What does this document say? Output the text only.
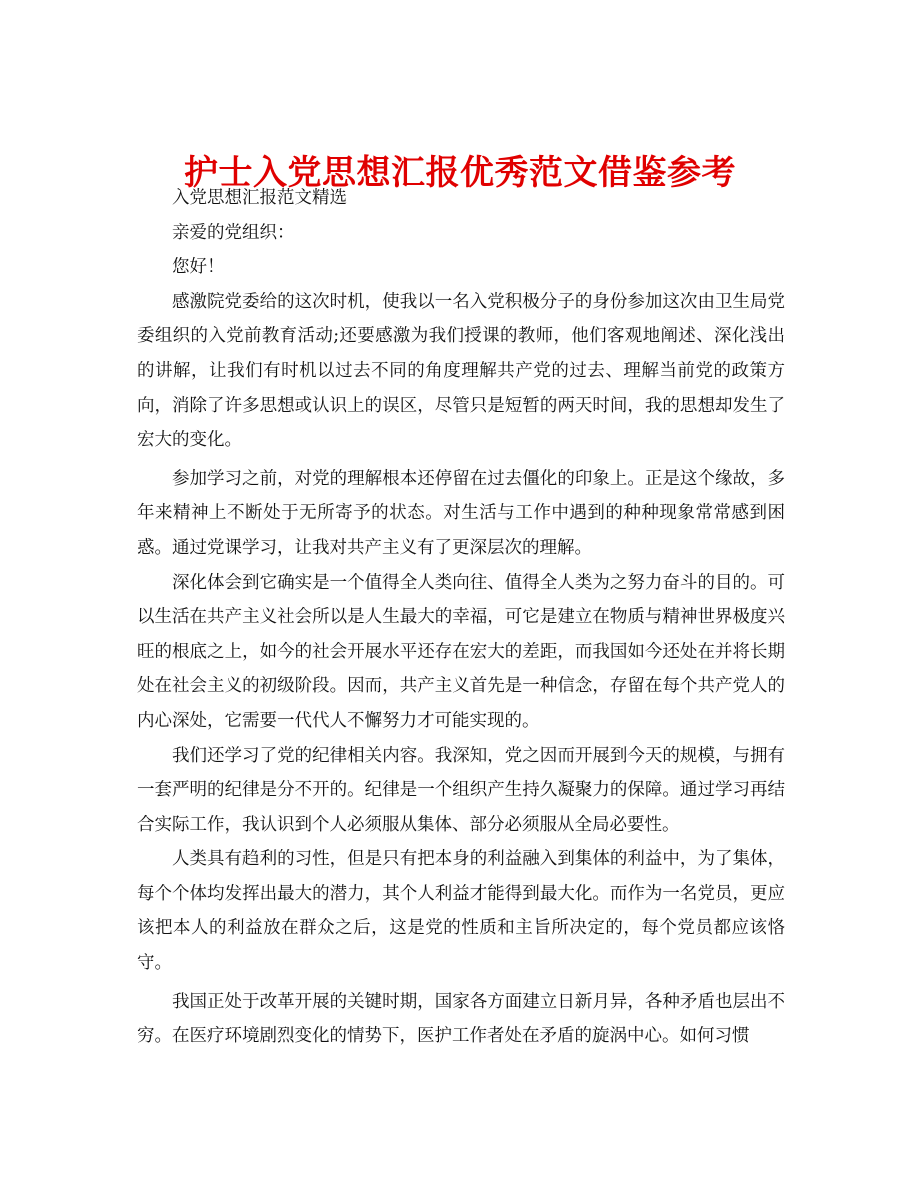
护士入党思想汇报优秀范文借鉴参考

入党思想汇报范文精选

亲爱的党组织：

您好！

感激院党委给的这次时机，使我以一名入党积极分子的身份参加这次由卫生局党委组织的入党前教育活动;还要感激为我们授课的教师，他们客观地阐述、深化浅出的讲解，让我们有时机以过去不同的角度理解共产党的过去、理解当前党的政策方向，消除了许多思想或认识上的误区，尽管只是短暂的两天时间，我的思想却发生了宏大的变化。

参加学习之前，对党的理解根本还停留在过去僵化的印象上。正是这个缘故，多年来精神上不断处于无所寄予的状态。对生活与工作中遇到的种种现象常常感到困惑。通过党课学习，让我对共产主义有了更深层次的理解。

深化体会到它确实是一个值得全人类向往、值得全人类为之努力奋斗的目的。可以生活在共产主义社会所以是人生最大的幸福，可它是建立在物质与精神世界极度兴旺的根底之上，如今的社会开展水平还存在宏大的差距，而我国如今还处在并将长期处在社会主义的初级阶段。因而，共产主义首先是一种信念，存留在每个共产党人的内心深处，它需要一代代人不懈努力才可能实现的。

我们还学习了党的纪律相关内容。我深知，党之因而开展到今天的规模，与拥有一套严明的纪律是分不开的。纪律是一个组织产生持久凝聚力的保障。通过学习再结合实际工作，我认识到个人必须服从集体、部分必须服从全局必要性。

人类具有趋利的习性，但是只有把本身的利益融入到集体的利益中，为了集体，每个个体均发挥出最大的潜力，其个人利益才能得到最大化。而作为一名党员，更应该把本人的利益放在群众之后，这是党的性质和主旨所决定的，每个党员都应该恪守。

我国正处于改革开展的关键时期，国家各方面建立日新月异，各种矛盾也层出不穷。在医疗环境剧烈变化的情势下，医护工作者处在矛盾的旋涡中心。如何习惯
